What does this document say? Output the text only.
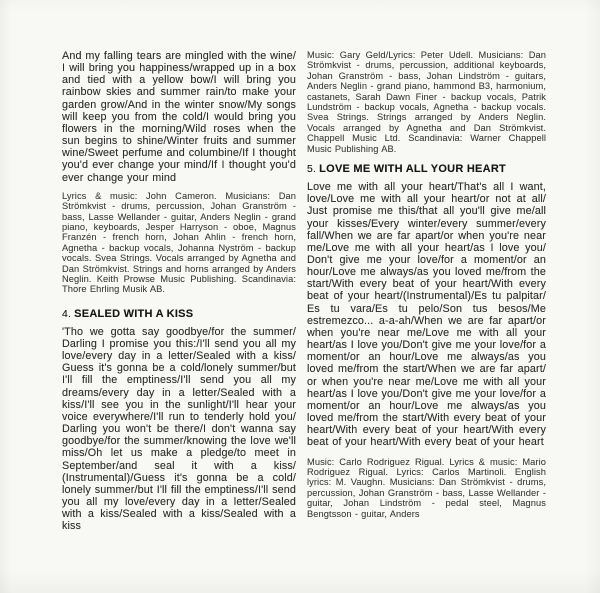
And my falling tears are mingled with the wine/​I will bring you happiness/​wrapped up in a box and tied with a yellow bow/​I will bring you rainbow skies and summer rain/​to make your garden grow/​And in the winter snow/​My songs will keep you from the cold/​I would bring you flowers in the morning/​Wild roses when the sun begins to shine/​Winter fruits and summer wine/​Sweet perfume and columbine/​If I thought you'd ever change your mind/​If I thought you'd ever change your mind

Lyrics & music: John Cameron. Musicians: Dan Strömkvist - drums, percussion, Johan Granström - bass, Lasse Wellander - guitar, Anders Neglin - grand piano, keyboards, Jesper Harryson - oboe, Magnus Franzén - french horn, Johan Ahlin - french horn, Agnetha - backup vocals, Johanna Nyström - backup vocals. Svea Strings. Vocals arranged by Agnetha and Dan Strömkvist. Strings and horns arranged by Anders Neglin. Keith Prowse Music Publishing. Scandinavia: Thore Ehrling Musik AB.

4. SEALED WITH A KISS

'Tho we gotta say goodbye/​for the summer/​Darling I promise you this:/​I'll send you all my love/​every day in a letter/​Sealed with a kiss/​Guess it's gonna be a cold/​lonely summer/​but I'll fill the emptiness/​I'll send you all my dreams/​every day in a letter/​Sealed with a kiss/​I'll see you in the sunlight/​I'll hear your voice everywhere/​I'll run to tenderly hold you/​Darling you won't be there/​I don't wanna say goodbye/​for the summer/​knowing the love we'll miss/​Oh let us make a pledge/​to meet in September/​and seal it with a kiss/​(Instrumental)/​Guess it's gonna be a cold/​lonely summer/​but I'll fill the emptiness/​I'll send you all my love/​every day in a letter/​Sealed with a kiss/​Sealed with a kiss/​Sealed with a kiss

Music: Gary Geld/Lyrics: Peter Udell. Musicians: Dan Strömkvist - drums, percussion, additional keyboards, Johan Granström - bass, Johan Lindström - guitars, Anders Neglin - grand piano, hammond B3, harmonium, castanets, Sarah Dawn Finer - backup vocals, Patrik Lundström - backup vocals, Agnetha - backup vocals. Svea Strings. Strings arranged by Anders Neglin. Vocals arranged by Agnetha and Dan Strömkvist. Chappell Music Ltd. Scandinavia: Warner Chappell Music Publishing AB.

5. LOVE ME WITH ALL YOUR HEART

Love me with all your heart/​That's all I want, love/​Love me with all your heart/​or not at all/​Just promise me this/​that all you'll give me/​all your kisses/​Every winter/​every summer/​every fall/​When we are far apart/​or when you're near me/​Love me with all your heart/​as I love you/​Don't give me your love/​for a moment/​or an hour/​Love me always/​as you loved me/​from the start/​With every beat of your heart/​With every beat of your heart/​(Instrumental)/​Es tu palpitar/​Es tu vara/​Es tu pelo/​Son tus besos/​Me estremezco... a-a-ah/​When we are far apart/​or when you're near me/​Love me with all your heart/​as I love you/​Don't give me your love/​for a moment/​or an hour/​Love me always/​as you loved me/​from the start/​When we are far apart/​or when you're near me/​Love me with all your heart/​as I love you/​Don't give me your love/​for a moment/​or an hour/​Love me always/​as you loved me/​from the start/​With every beat of your heart/​With every beat of your heart/​With every beat of your heart/​With every beat of your heart

Music: Carlo Rodriguez Rigual. Lyrics & music: Mario Rodriguez Rigual. Lyrics: Carlos Martinoli. English lyrics: M. Vaughn. Musicians: Dan Strömkvist - drums, percussion, Johan Granström - bass, Lasse Wellander - guitar, Johan Lindström - pedal steel, Magnus Bengtsson - guitar, Anders
